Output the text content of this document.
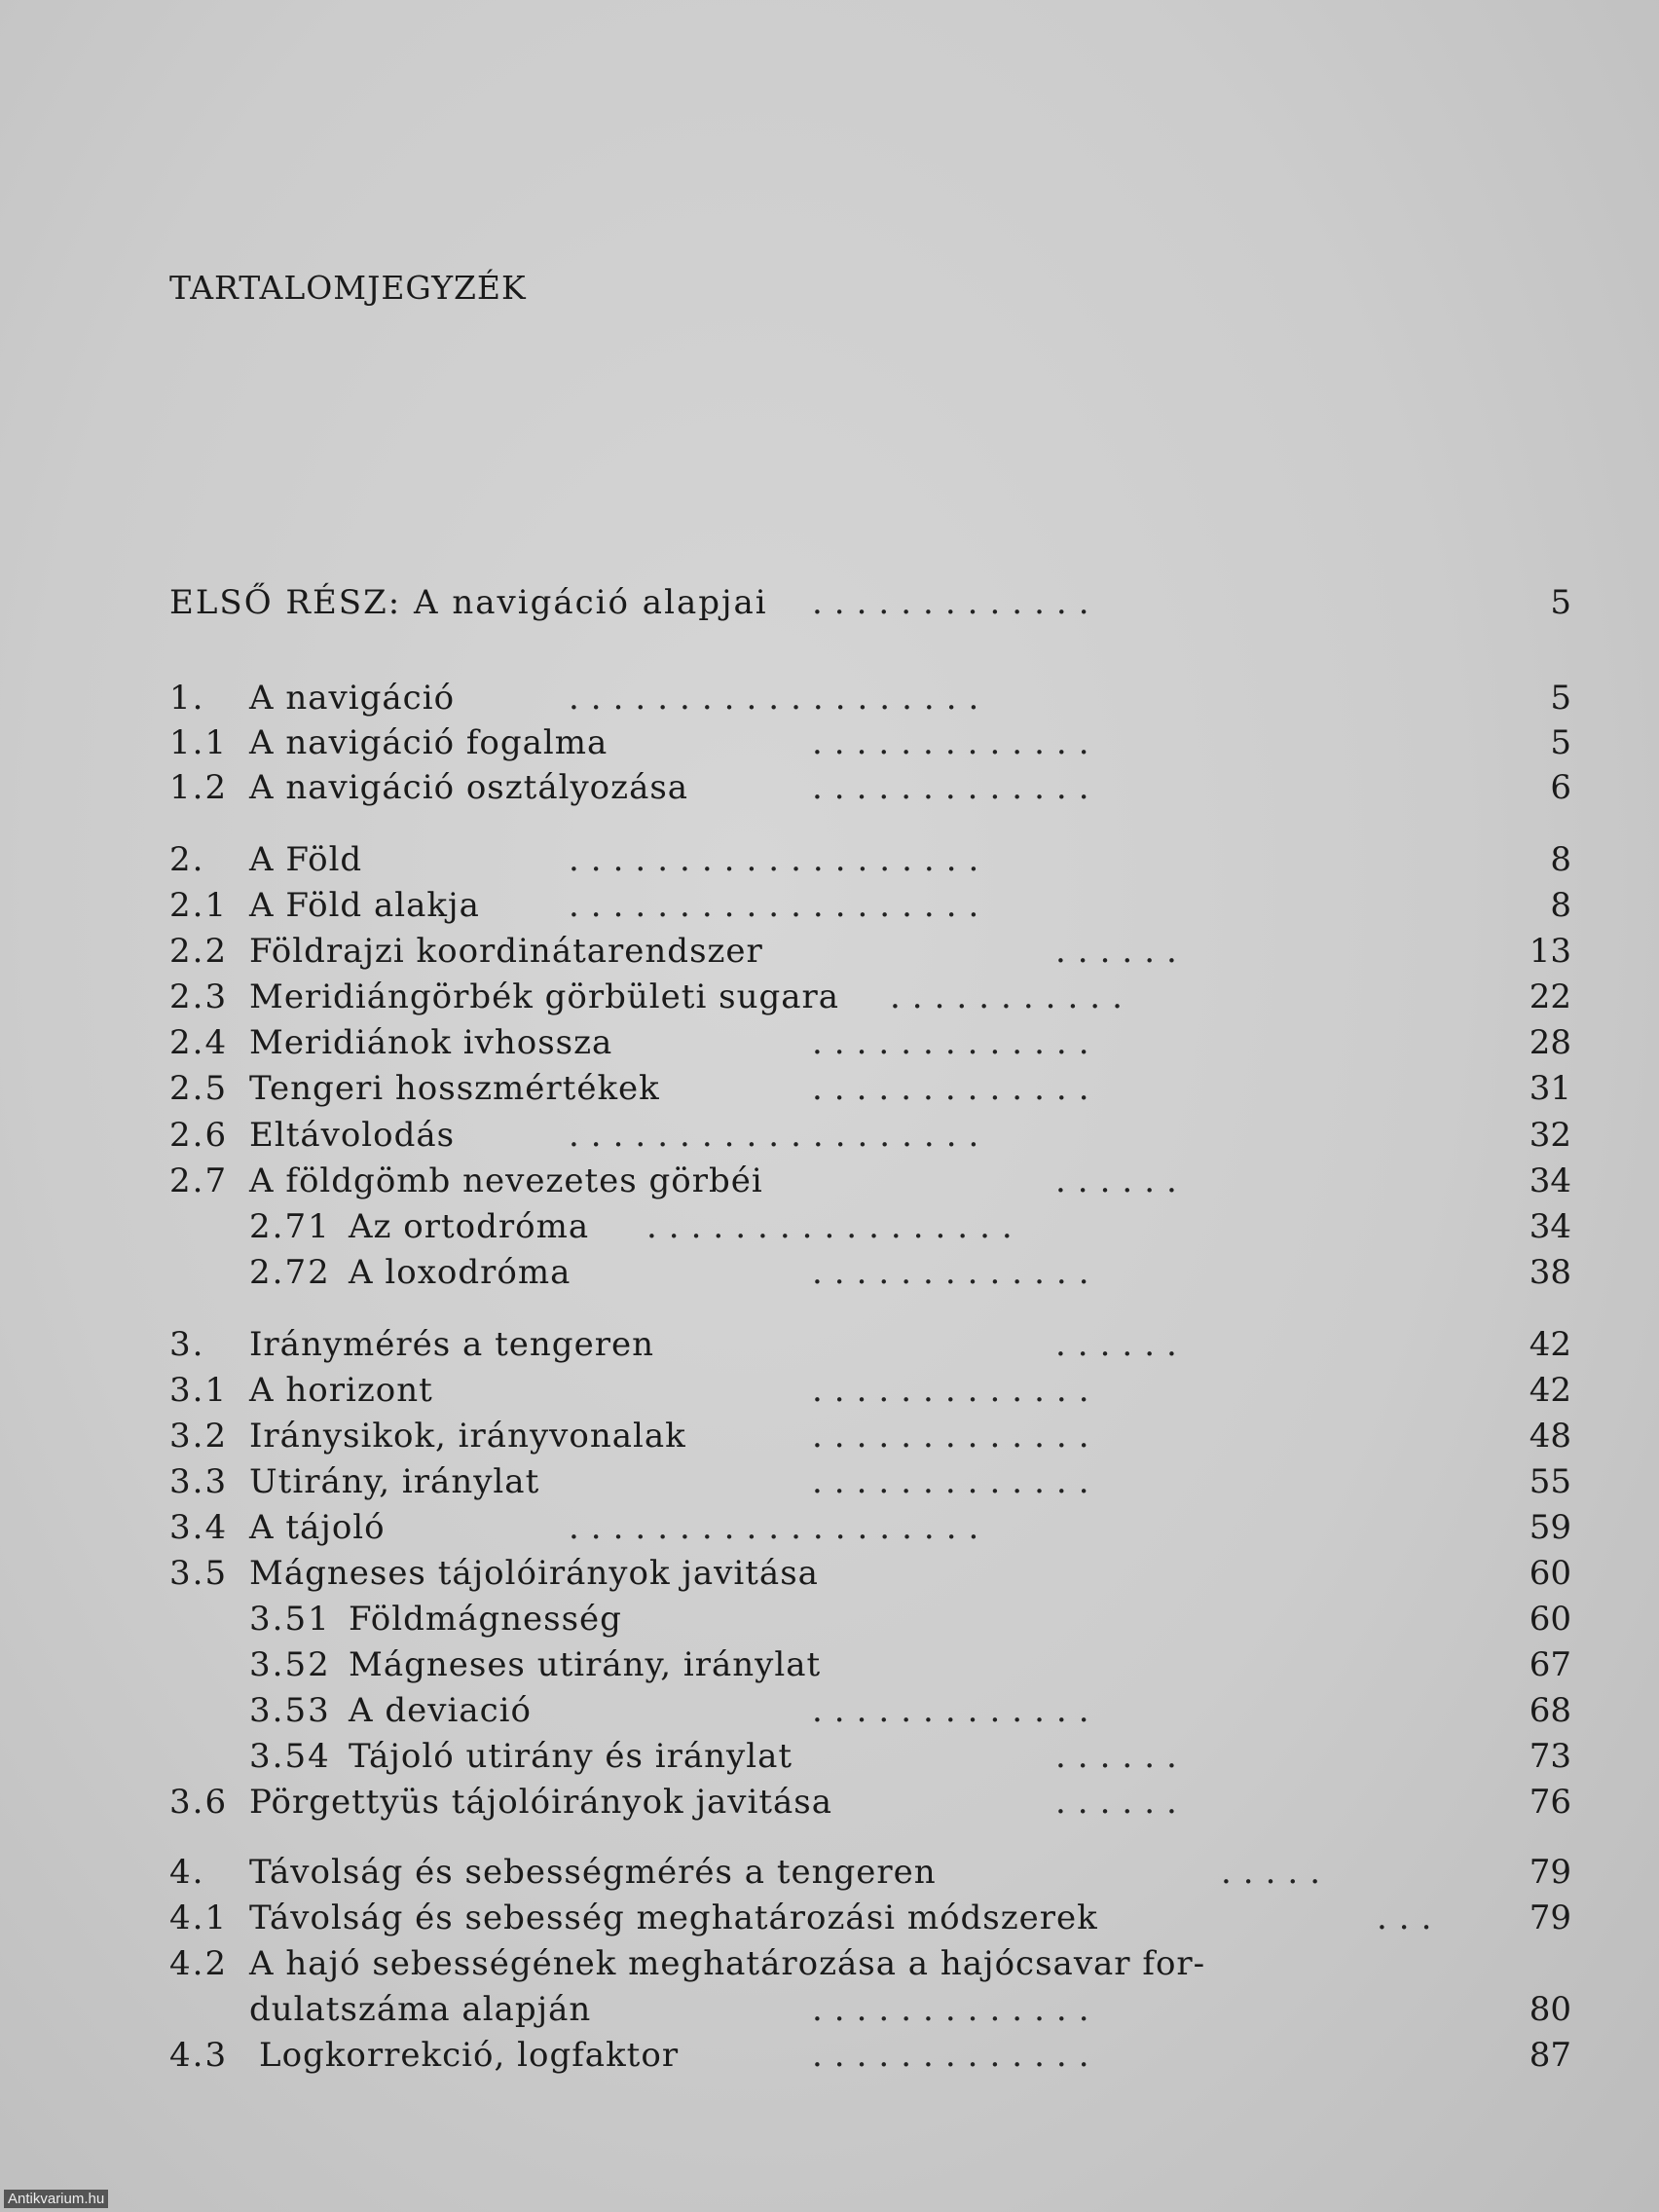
TARTALOMJEGYZÉK
ELSŐ RÉSZ: A navigáció alapjai .............	5
1. A navigáció	...................	5
1.1 A navigáció fogalma	.............	5
1.2 A navigáció osztályozása	.............	6
2. A Föld	...................	8
2.1 A Föld alakja	...................	8
2.2 Földrajzi koordinátarendszer	......	13
2.3 Meridiángörbék görbületi sugara ...........	22
2.4 Meridiánok ivhossza	.............	28
2.5 Tengeri hosszmértékek	.............	31
2.6 Eltávolodás	...................	32
2.7 A földgömb nevezetes görbéi	......	34
2.71 Az ortodróma .................	34
2.72 A loxodróma	.............	38
3. Iránymérés a tengeren	......	42
3.1 A horizont	.............	42
3.2 Iránysikok, irányvonalak	.............	48
3.3 Utirány, iránylat	.............	55
3.4 A tájoló	...................	59
3.5 Mágneses tájolóirányok javitása	60
3.51 Földmágnesség	60
3.52 Mágneses utirány, iránylat	67
3.53 A deviació	.............	68
3.54 Tájoló utirány és iránylat	......	73
3.6 Pörgettyüs tájolóirányok javitása	......	76
4. Távolság és sebességmérés a tengeren	.....	79
4.1 Távolság és sebesség meghatározási módszerek	...	79
4.2 A hajó sebességének meghatározása a hajócsavar for-
dulatszáma alapján	.............	80
4.3 Logkorrekció, logfaktor	.............	87
Antikvarium.hu
